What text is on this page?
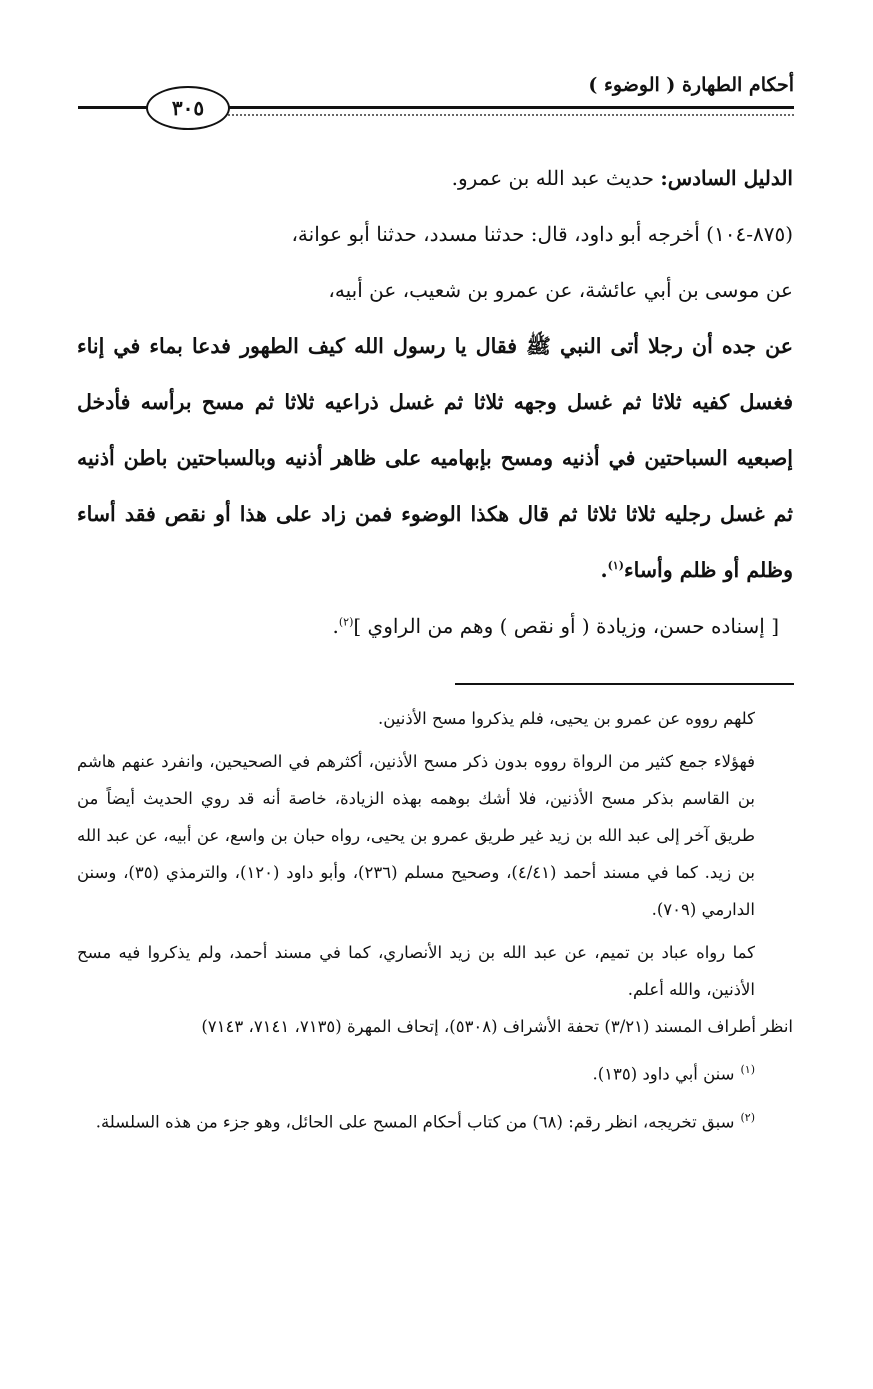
أحكام الطهارة ( الوضوء )
٣٠٥

الدليل السادس: حديث عبد الله بن عمرو.

(٨٧٥-١٠٤) أخرجه أبو داود، قال: حدثنا مسدد، حدثنا أبو عوانة،

عن موسى بن أبي عائشة، عن عمرو بن شعيب، عن أبيه،

عن جده أن رجلا أتى النبي ﷺ فقال يا رسول الله كيف الطهور فدعا بماء في إناء فغسل كفيه ثلاثا ثم غسل وجهه ثلاثا ثم غسل ذراعيه ثلاثا ثم مسح برأسه فأدخل إصبعيه السباحتين في أذنيه ومسح بإبهاميه على ظاهر أذنيه وبالسباحتين باطن أذنيه ثم غسل رجليه ثلاثا ثلاثا ثم قال هكذا الوضوء فمن زاد على هذا أو نقص فقد أساء وظلم أو ظلم وأساء$^{(١)}$.

[ إسناده حسن، وزيادة ( أو نقص ) وهم من الراوي ]$^{(٢)}$.

كلهم رووه عن عمرو بن يحيى، فلم يذكروا مسح الأذنين.

فهؤلاء جمع كثير من الرواة رووه بدون ذكر مسح الأذنين، أكثرهم في الصحيحين، وانفرد عنهم هاشم بن القاسم بذكر مسح الأذنين، فلا أشك بوهمه بهذه الزيادة، خاصة أنه قد روي الحديث أيضاً من طريق آخر إلى عبد الله بن زيد غير طريق عمرو بن يحيى، رواه حبان بن واسع، عن أبيه، عن عبد الله بن زيد. كما في مسند أحمد (٤/٤١)، وصحيح مسلم (٢٣٦)، وأبو داود (١٢٠)، والترمذي (٣٥)، وسنن الدارمي (٧٠٩).

كما رواه عباد بن تميم، عن عبد الله بن زيد الأنصاري، كما في مسند أحمد، ولم يذكروا فيه مسح الأذنين، والله أعلم.

انظر أطراف المسند (٣/٢١) تحفة الأشراف (٥٣٠٨)، إتحاف المهرة (٧١٣٥، ٧١٤١، ٧١٤٣)

$^{(١)}$سنن أبي داود (١٣٥).

$^{(٢)}$سبق تخريجه، انظر رقم: (٦٨) من كتاب أحكام المسح على الحائل، وهو جزء من هذه السلسلة.
